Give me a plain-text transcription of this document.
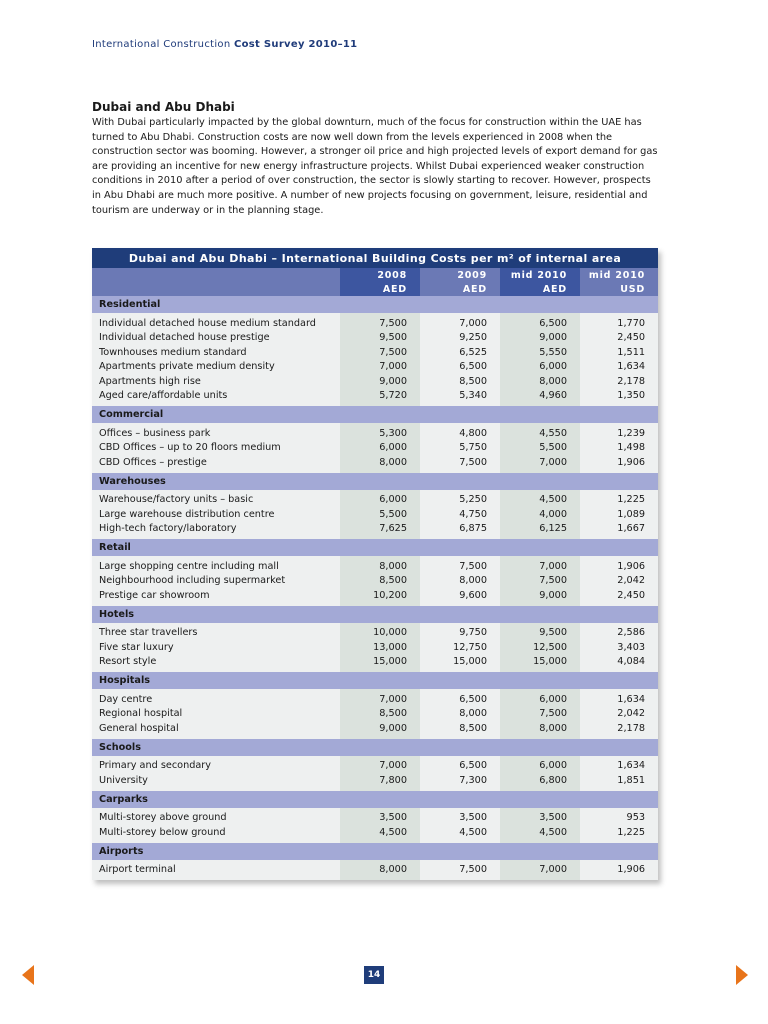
International Construction Cost Survey 2010–11
Dubai and Abu Dhabi
With Dubai particularly impacted by the global downturn, much of the focus for construction within the UAE has turned to Abu Dhabi. Construction costs are now well down from the levels experienced in 2008 when the construction sector was booming. However, a stronger oil price and high projected levels of export demand for gas are providing an incentive for new energy infrastructure projects. Whilst Dubai experienced weaker construction conditions in 2010 after a period of over construction, the sector is slowly starting to recover. However, prospects in Abu Dhabi are much more positive. A number of new projects focusing on government, leisure, residential and tourism are underway or in the planning stage.
Dubai and Abu Dhabi – International Building Costs per m² of internal area				
	2008	2009	mid 2010	mid 2010
	AED	AED	AED	USD
Residential				
Individual detached house medium standard	7,500	7,000	6,500	1,770
Individual detached house prestige	9,500	9,250	9,000	2,450
Townhouses medium standard	7,500	6,525	5,550	1,511
Apartments private medium density	7,000	6,500	6,000	1,634
Apartments high rise	9,000	8,500	8,000	2,178
Aged care/affordable units	5,720	5,340	4,960	1,350
Commercial				
Offices – business park	5,300	4,800	4,550	1,239
CBD Offices – up to 20 floors medium	6,000	5,750	5,500	1,498
CBD Offices – prestige	8,000	7,500	7,000	1,906
Warehouses				
Warehouse/factory units – basic	6,000	5,250	4,500	1,225
Large warehouse distribution centre	5,500	4,750	4,000	1,089
High-tech factory/laboratory	7,625	6,875	6,125	1,667
Retail				
Large shopping centre including mall	8,000	7,500	7,000	1,906
Neighbourhood including supermarket	8,500	8,000	7,500	2,042
Prestige car showroom	10,200	9,600	9,000	2,450
Hotels				
Three star travellers	10,000	9,750	9,500	2,586
Five star luxury	13,000	12,750	12,500	3,403
Resort style	15,000	15,000	15,000	4,084
Hospitals				
Day centre	7,000	6,500	6,000	1,634
Regional hospital	8,500	8,000	7,500	2,042
General hospital	9,000	8,500	8,000	2,178
Schools				
Primary and secondary	7,000	6,500	6,000	1,634
University	7,800	7,300	6,800	1,851
Carparks				
Multi-storey above ground	3,500	3,500	3,500	953
Multi-storey below ground	4,500	4,500	4,500	1,225
Airports				
Airport terminal	8,000	7,500	7,000	1,906
14
